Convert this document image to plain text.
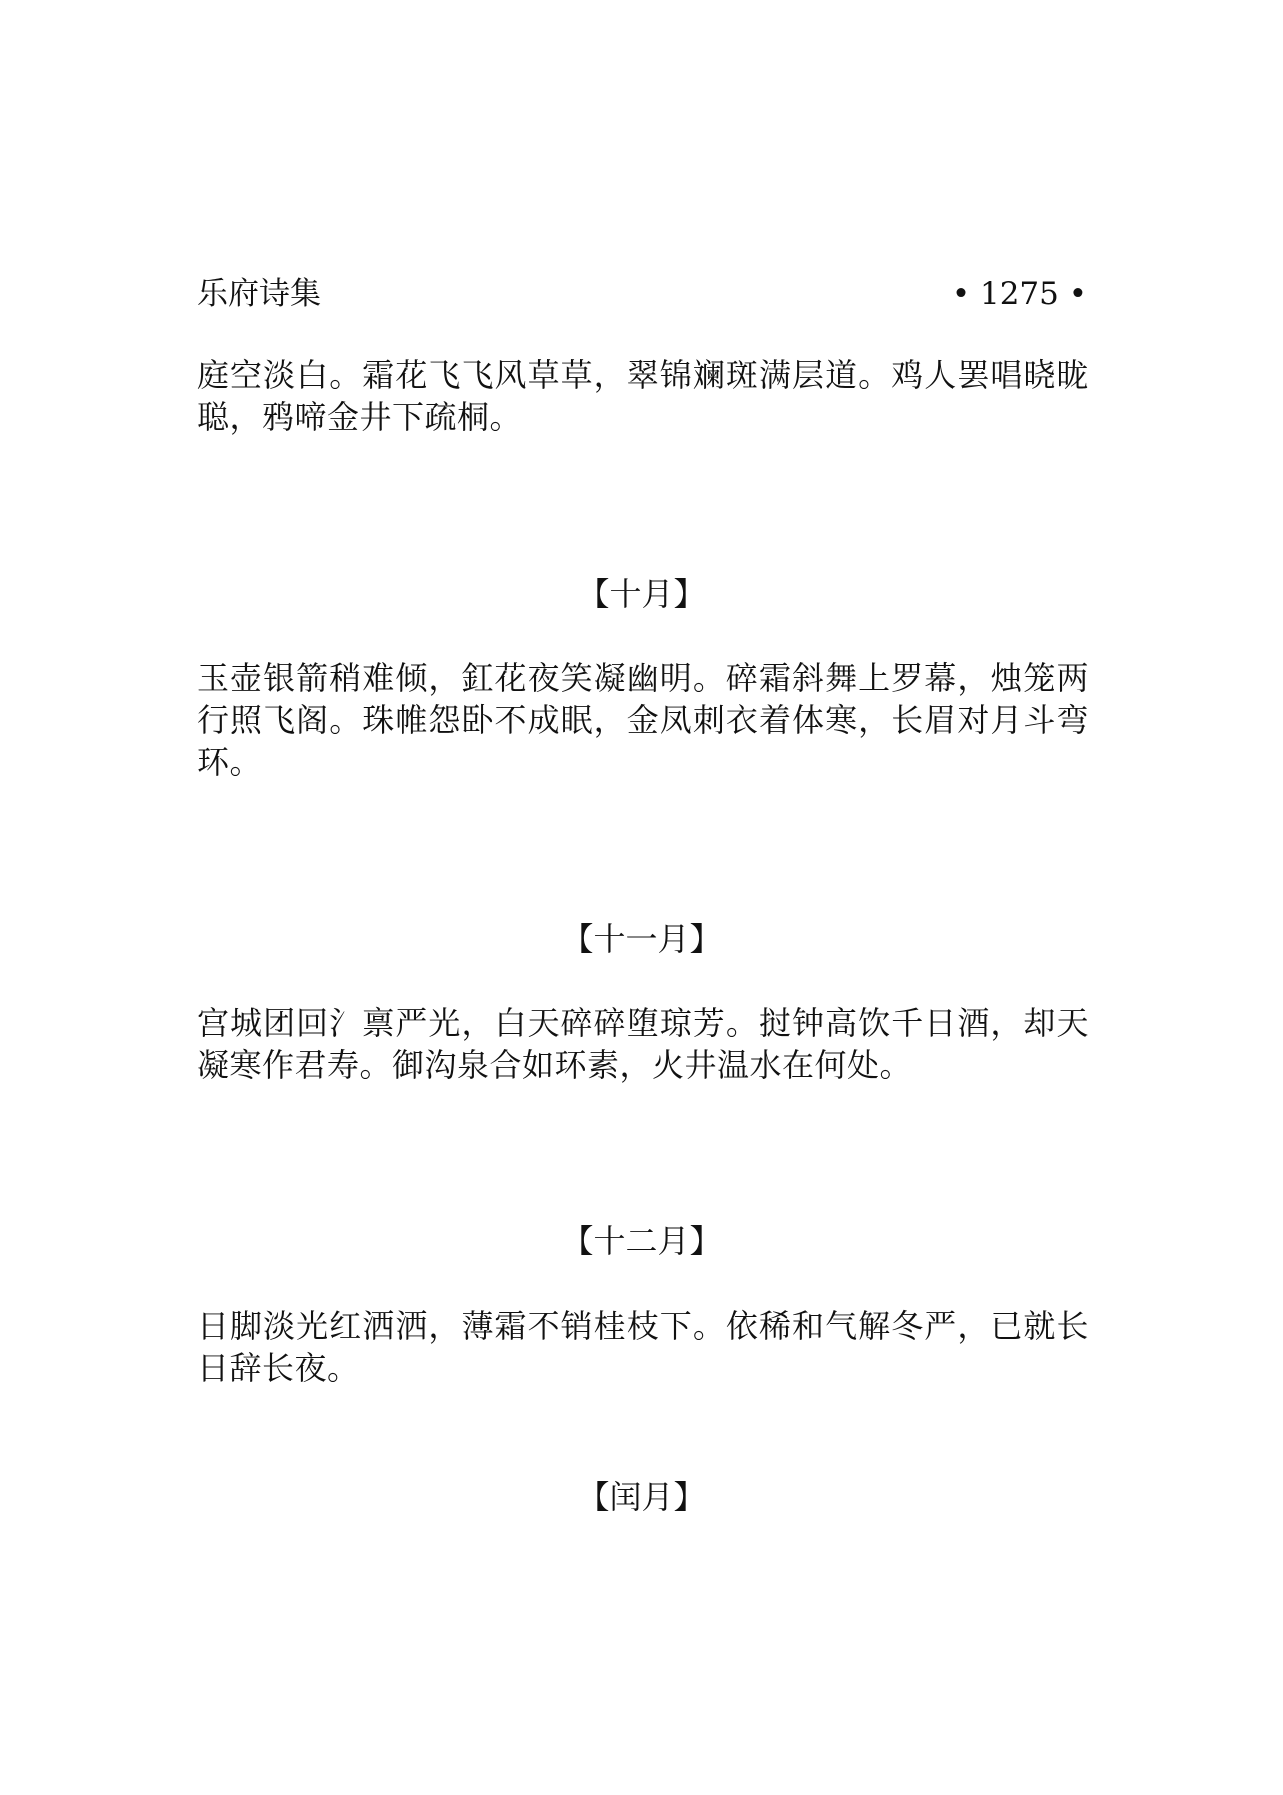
乐府诗集	• 1275 •

庭空淡白。霜花飞飞风草草，翠锦斓斑满层道。鸡人罢唱晓昽聪，鸦啼金井下疏桐。

【十月】

玉壶银箭稍难倾，釭花夜笑凝幽明。碎霜斜舞上罗幕，烛笼两行照飞阁。珠帷怨卧不成眠，金凤刺衣着体寒，长眉对月斗弯环。

【十一月】

宫城团回氵禀严光，白天碎碎堕琼芳。挝钟高饮千日酒，却天凝寒作君寿。御沟泉合如环素，火井温水在何处。

【十二月】

日脚淡光红洒洒，薄霜不销桂枝下。依稀和气解冬严，已就长日辞长夜。

【闰月】
